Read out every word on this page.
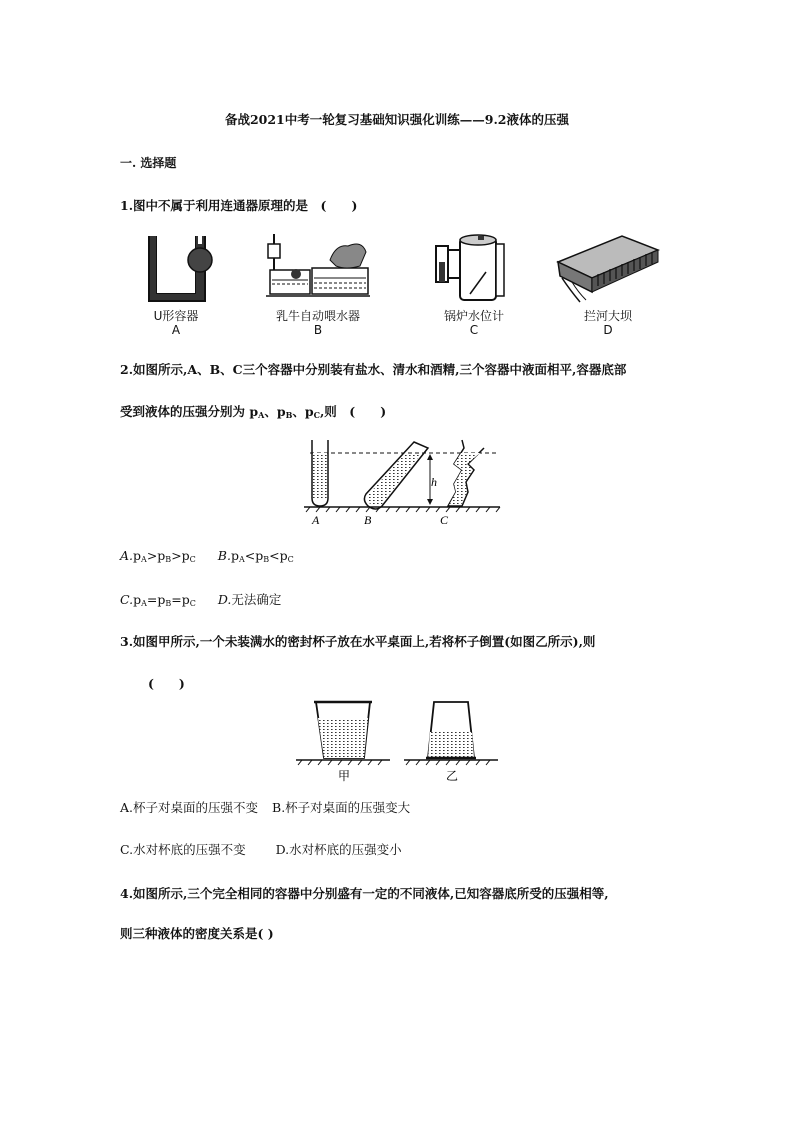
备战2021中考一轮复习基础知识强化训练——9.2液体的压强
一. 选择题
1.图中不属于利用连通器原理的是　(　　)
U形容器
A
乳牛自动喂水器
B
锅炉水位计
C
拦河大坝
D
2.如图所示,A、B、C三个容器中分别装有盐水、清水和酒精,三个容器中液面相平,容器底部
受到液体的压强分别为 $p_A$、$p_B$、$p_C$,则　(　　)
h
A	B	C
$A.p_A>p_B>p_C$ $B.p_A<p_B<p_C$
$C.p_A=p_B=p_C$ D.无法确定
3.如图甲所示,一个未装满水的密封杯子放在水平桌面上,若将杯子倒置(如图乙所示),则
(　　)
甲	乙
A.杯子对桌面的压强不变 B.杯子对桌面的压强变大
C.水对杯底的压强不变 D.水对杯底的压强变小
4.如图所示,三个完全相同的容器中分别盛有一定的不同液体,已知容器底所受的压强相等,
则三种液体的密度关系是( )
